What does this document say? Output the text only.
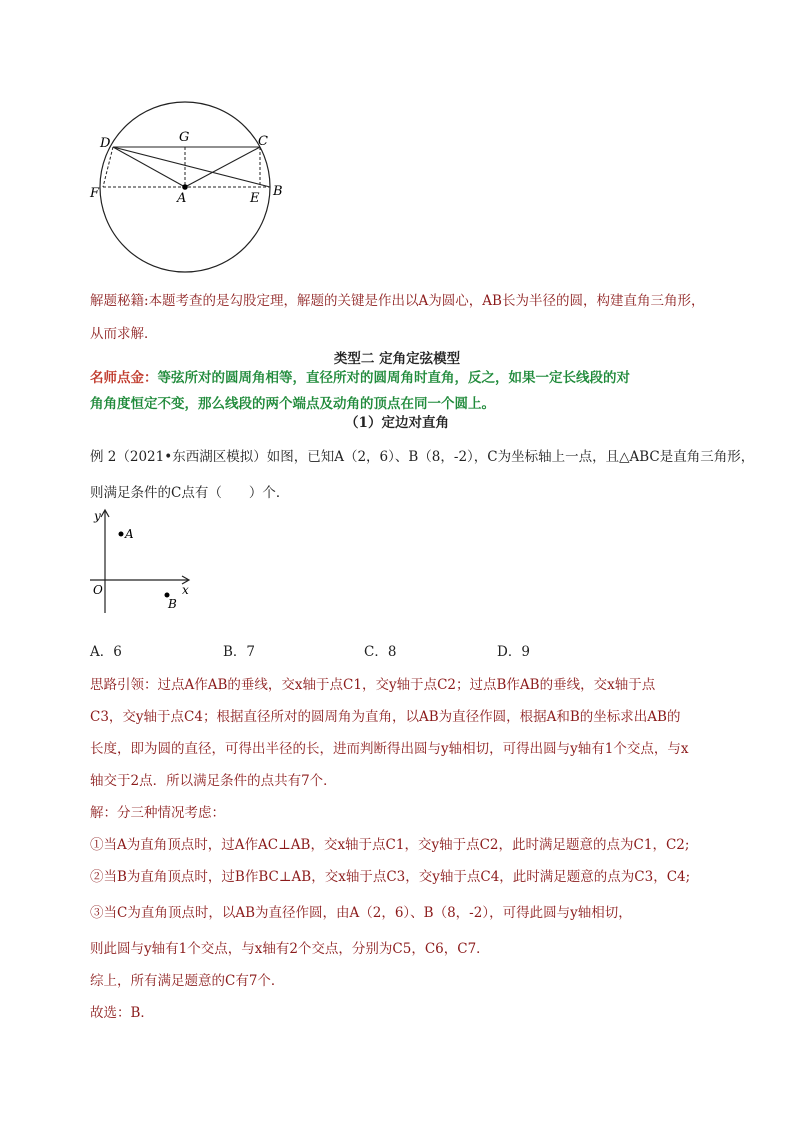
D	G	C
F	A	E B
解题秘籍:本题考查的是勾股定理，解题的关键是作出以A为圆心，AB长为半径的圆，构建直角三角形，
从而求解．
类型二 定角定弦模型
名师点金：等弦所对的圆周角相等，直径所对的圆周角时直角，反之，如果一定长线段的对
角角度恒定不变，那么线段的两个端点及动角的顶点在同一个圆上。
（1）定边对直角
例 2（2021•东西湖区模拟）如图，已知A（2，6）、B（8，-2），C为坐标轴上一点，且△ABC是直角三角形，
则满足条件的C点有（　　）个．
y
x
O
A
B
A．6	B．7	C．8	D．9
思路引领：过点A作AB的垂线，交x轴于点C1，交y轴于点C2；过点B作AB的垂线，交x轴于点
C3，交y轴于点C4；根据直径所对的圆周角为直角，以AB为直径作圆，根据A和B的坐标求出AB的
长度，即为圆的直径，可得出半径的长，进而判断得出圆与y轴相切，可得出圆与y轴有1个交点，与x
轴交于2点．所以满足条件的点共有7个．
解：分三种情况考虑：
①当A为直角顶点时，过A作AC⊥AB，交x轴于点C1，交y轴于点C2，此时满足题意的点为C1，C2;
②当B为直角顶点时，过B作BC⊥AB，交x轴于点C3，交y轴于点C4，此时满足题意的点为C3，C4;
③当C为直角顶点时，以AB为直径作圆，由A（2，6）、B（8，-2），可得此圆与y轴相切，
则此圆与y轴有1个交点，与x轴有2个交点，分别为C5，C6，C7．
综上，所有满足题意的C有7个．
故选：B．
